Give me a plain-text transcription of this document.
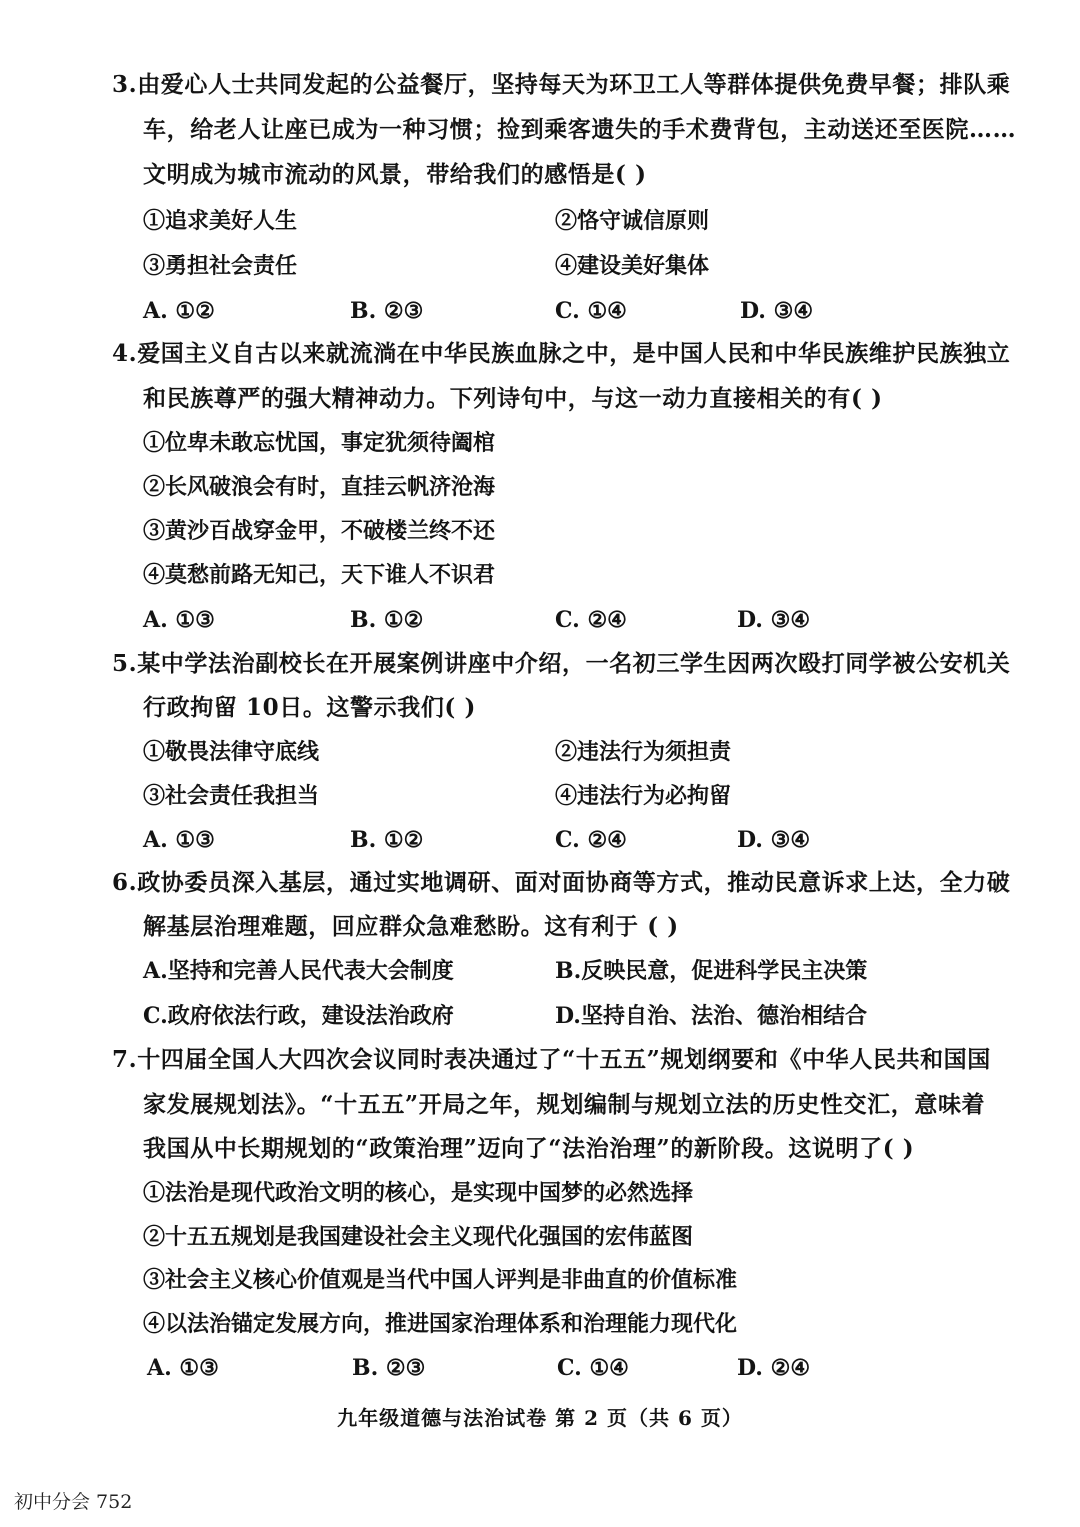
3.由爱心人士共同发起的公益餐厅，坚持每天为环卫工人等群体提供免费早餐；排队乘
车，给老人让座已成为一种习惯；捡到乘客遗失的手术费背包，主动送还至医院……
文明成为城市流动的风景，带给我们的感悟是( )
①追求美好人生	②恪守诚信原则
③勇担社会责任	④建设美好集体
A. ①②	B. ②③	C. ①④	D. ③④
4.爱国主义自古以来就流淌在中华民族血脉之中，是中国人民和中华民族维护民族独立
和民族尊严的强大精神动力。下列诗句中，与这一动力直接相关的有( )
①位卑未敢忘忧国，事定犹须待阖棺
②长风破浪会有时，直挂云帆济沧海
③黄沙百战穿金甲，不破楼兰终不还
④莫愁前路无知己，天下谁人不识君
A. ①③	B. ①②	C. ②④	D. ③④
5.某中学法治副校长在开展案例讲座中介绍，一名初三学生因两次殴打同学被公安机关
行政拘留 10日。这警示我们( )
①敬畏法律守底线	②违法行为须担责
③社会责任我担当	④违法行为必拘留
A. ①③	B. ①②	C. ②④	D. ③④
6.政协委员深入基层，通过实地调研、面对面协商等方式，推动民意诉求上达，全力破
解基层治理难题，回应群众急难愁盼。这有利于 ( )
A.坚持和完善人民代表大会制度	B.反映民意，促进科学民主决策
C.政府依法行政，建设法治政府	D.坚持自治、法治、德治相结合
7.十四届全国人大四次会议同时表决通过了“十五五”规划纲要和《中华人民共和国国
家发展规划法》。“十五五”开局之年，规划编制与规划立法的历史性交汇，意味着
我国从中长期规划的“政策治理”迈向了“法治治理”的新阶段。这说明了( )
①法治是现代政治文明的核心，是实现中国梦的必然选择
②十五五规划是我国建设社会主义现代化强国的宏伟蓝图
③社会主义核心价值观是当代中国人评判是非曲直的价值标准
④以法治锚定发展方向，推进国家治理体系和治理能力现代化
A. ①③	B. ②③	C. ①④	D. ②④
九年级道德与法治试卷 第 2 页（共 6 页）
初中分会 752
